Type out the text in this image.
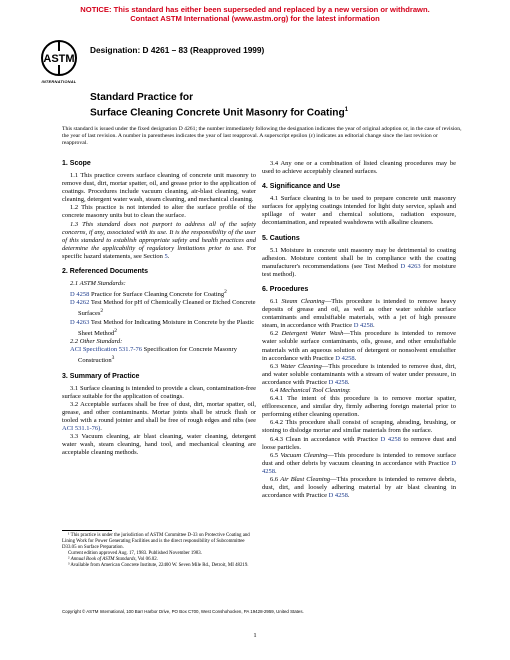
NOTICE: This standard has either been superseded and replaced by a new version or withdrawn.
Contact ASTM International (www.astm.org) for the latest information
ASTM
INTERNATIONAL
Designation: D 4261 – 83 (Reapproved 1999)
Standard Practice for
Surface Cleaning Concrete Unit Masonry for Coating$^1$
This standard is issued under the fixed designation D 4261; the number immediately following the designation indicates the year of original adoption or, in the case of revision, the year of last revision. A number in parentheses indicates the year of last reapproval. A superscript epsilon (ε) indicates an editorial change since the last revision or reapproval.
1. Scope

1.1 This practice covers surface cleaning of concrete unit masonry to remove dust, dirt, mortar spatter, oil, and grease prior to the application of coatings. Procedures include vacuum cleaning, air-blast cleaning, water cleaning, detergent water wash, steam cleaning, and mechanical cleaning.

1.2 This practice is not intended to alter the surface profile of the concrete masonry units but to clean the surface.

1.3 This standard does not purport to address all of the safety concerns, if any, associated with its use. It is the responsibility of the user of this standard to establish appropriate safety and health practices and determine the applicability of regulatory limitations prior to use. For specific hazard statements, see Section 5.

2. Referenced Documents

2.1 ASTM Standards:

D 4258 Practice for Surface Cleaning Concrete for Coating$^2$

D 4262 Test Method for pH of Chemically Cleaned or Etched Concrete Surfaces$^2$

D 4263 Test Method for Indicating Moisture in Concrete by the Plastic Sheet Method$^2$

2.2 Other Standard:

ACI Specification 531.7-76 Specification for Concrete Masonry Construction$^3$

3. Summary of Practice

3.1 Surface cleaning is intended to provide a clean, contamination-free surface suitable for the application of coatings.

3.2 Acceptable surfaces shall be free of dust, dirt, mortar spatter, oil, grease, and other contaminants. Mortar joints shall be struck flush or tooled with a round jointer and shall be free of rough edges and nibs (see ACI 531.1-76).

3.3 Vacuum cleaning, air blast cleaning, water cleaning, detergent water wash, steam cleaning, hand tool, and mechanical cleaning are acceptable cleaning methods.

3.4 Any one or a combination of listed cleaning procedures may be used to achieve acceptably cleaned surfaces.

4. Significance and Use

4.1 Surface cleaning is to be used to prepare concrete unit masonry surfaces for applying coatings intended for light duty service, splash and spillage of water and chemical solutions, radiation exposure, decontamination, and repeated washdowns with alkaline cleaners.

5. Cautions

5.1 Moisture in concrete unit masonry may be detrimental to coating adhesion. Moisture content shall be in compliance with the coating manufacturer's recommendations (see Test Method D 4263 for moisture test method).

6. Procedures

6.1 Steam Cleaning—This procedure is intended to remove heavy deposits of grease and oil, as well as other water soluble surface contaminants and emulsifiable materials, with a jet of high pressure steam, in accordance with Practice D 4258.

6.2 Detergent Water Wash—This procedure is intended to remove water soluble surface contaminants, oils, grease, and other emulsifiable materials with an aqueous solution of detergent or nonsolvent emulsifier in accordance with Practice D 4258.

6.3 Water Cleaning—This procedure is intended to remove dust, dirt, and water soluble contaminants with a stream of water under pressure, in accordance with Practice D 4258.

6.4 Mechanical Tool Cleaning:

6.4.1 The intent of this procedure is to remove mortar spatter, efflorescence, and similar dry, firmly adhering foreign material prior to performing either cleaning operation.

6.4.2 This procedure shall consist of scraping, abrading, brushing, or stoning to dislodge mortar and similar materials from the surface.

6.4.3 Clean in accordance with Practice D 4258 to remove dust and loose particles.

6.5 Vacuum Cleaning—This procedure is intended to remove surface dust and other debris by vacuum cleaning in accordance with Practice D 4258.

6.6 Air Blast Cleaning—This procedure is intended to remove debris, dust, dirt, and loosely adhering material by air blast cleaning in accordance with Practice D 4258.

¹ This practice is under the jurisdiction of ASTM Committee D-33 on Protective Coating and Lining Work for Power Generating Facilities and is the direct responsibility of Subcommittee D33.05 on Surface Preparation.

Current edition approved Aug. 17, 1983. Published November 1983.

² Annual Book of ASTM Standards, Vol 06.02.

³ Available from American Concrete Institute, 22400 W. Seven Mile Rd., Detroit, MI 48219.

Copyright © ASTM International, 100 Barr Harbor Drive, PO Box C700, West Conshohocken, PA 19428-2959, United States.
1
